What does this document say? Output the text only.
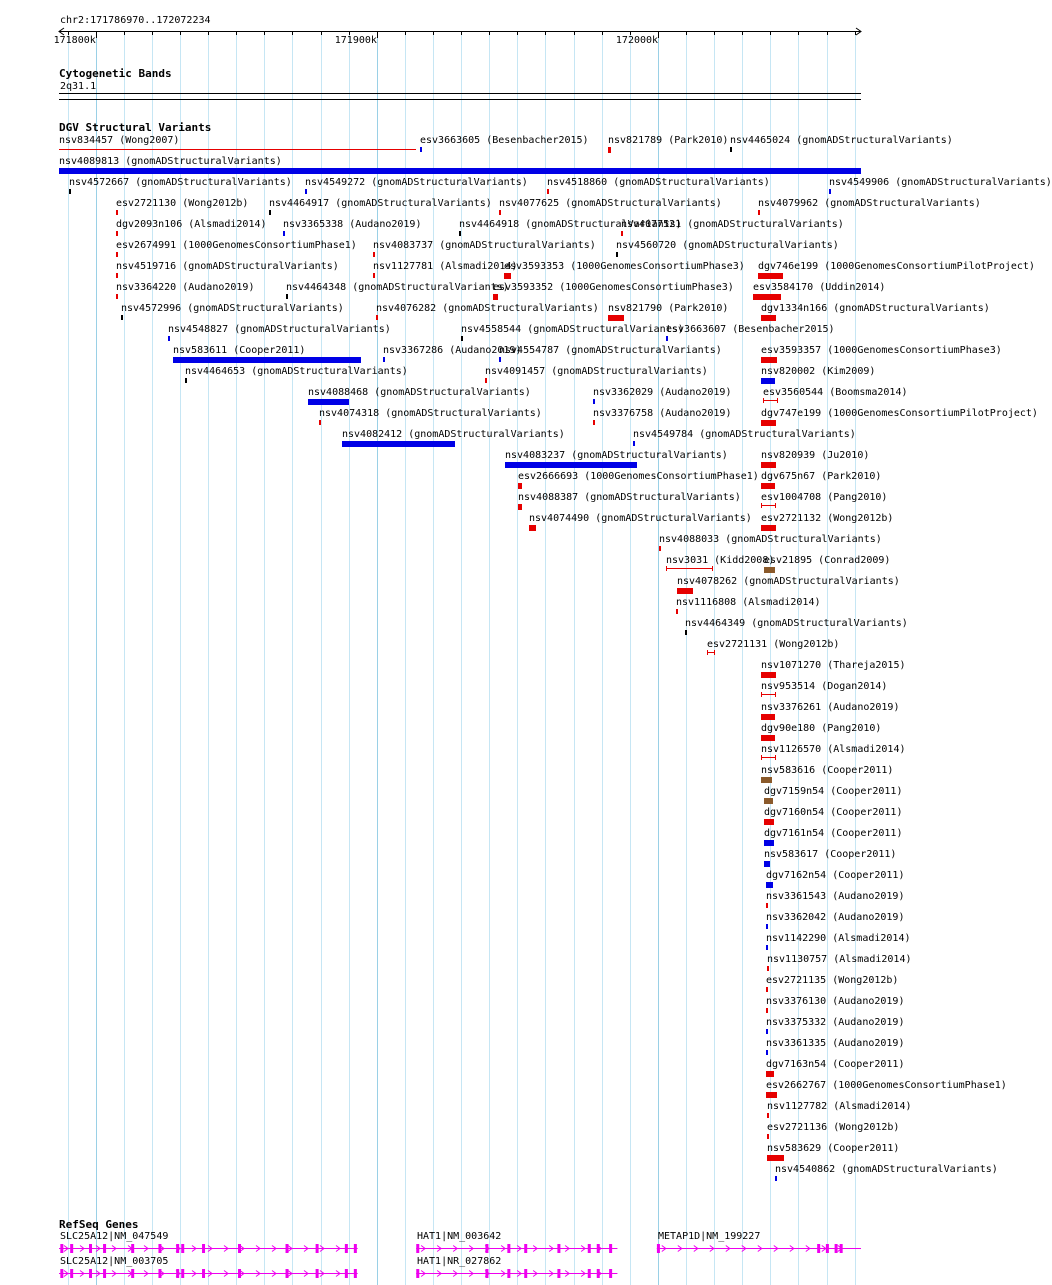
chr2:171786970..172072234
171800k	171900k	172000k
Cytogenetic Bands
2q31.1
DGV Structural Variants
nsv834457 (Wong2007)	esv3663605 (Besenbacher2015) nsv821789 (Park2010) nsv4465024 (gnomADStructuralVariants)
nsv4089813 (gnomADStructuralVariants)
nsv4572667 (gnomADStructuralVariants) nsv4549272 (gnomADStructuralVariants) nsv4518860 (gnomADStructuralVariants)	nsv4549906 (gnomADStructuralVariants)
esv2721130 (Wong2012b) nsv4464917 (gnomADStructuralVariants) nsv4077625 (gnomADStructuralVariants)	nsv4079962 (gnomADStructuralVariants)
dgv2093n106 (Alsmadi2014) nsv3365338 (Audano2019)	nsv4464918 (gnomADStructuralVariants)
nsv4077521 (gnomADStructuralVariants)
esv2674991 (1000GenomesConsortiumPhase1) nsv4083737 (gnomADStructuralVariants) nsv4560720 (gnomADStructuralVariants)
nsv4519716 (gnomADStructuralVariants)	nsv1127781 (Alsmadi2014)
esv3593353 (1000GenomesConsortiumPhase3) dgv746e199 (1000GenomesConsortiumPilotProject)
nsv3364220 (Audano2019)	nsv4464348 (gnomADStructuralVariants)
esv3593352 (1000GenomesConsortiumPhase3) esv3584170 (Uddin2014)
nsv4572996 (gnomADStructuralVariants)	nsv4076282 (gnomADStructuralVariants) nsv821790 (Park2010)	dgv1334n166 (gnomADStructuralVariants)
nsv4548827 (gnomADStructuralVariants)	nsv4558544 (gnomADStructuralVariants)
esv3663607 (Besenbacher2015)
nsv583611 (Cooper2011)	nsv3367286 (Audano2019)
nsv4554787 (gnomADStructuralVariants)	esv3593357 (1000GenomesConsortiumPhase3)
nsv4464653 (gnomADStructuralVariants)	nsv4091457 (gnomADStructuralVariants)	nsv820002 (Kim2009)
nsv4088468 (gnomADStructuralVariants)	nsv3362029 (Audano2019)	esv3560544 (Boomsma2014)
nsv4074318 (gnomADStructuralVariants)	nsv3376758 (Audano2019)	dgv747e199 (1000GenomesConsortiumPilotProject)
nsv4082412 (gnomADStructuralVariants)	nsv4549784 (gnomADStructuralVariants)
nsv4083237 (gnomADStructuralVariants)	nsv820939 (Ju2010)
esv2666693 (1000GenomesConsortiumPhase1) dgv675n67 (Park2010)
nsv4088387 (gnomADStructuralVariants) esv1004708 (Pang2010)
nsv4074490 (gnomADStructuralVariants) esv2721132 (Wong2012b)
nsv4088033 (gnomADStructuralVariants)
nsv3031 (Kidd2008)
esv21895 (Conrad2009)
nsv4078262 (gnomADStructuralVariants)
nsv1116808 (Alsmadi2014)
nsv4464349 (gnomADStructuralVariants)
esv2721131 (Wong2012b)
nsv1071270 (Thareja2015)
nsv953514 (Dogan2014)
nsv3376261 (Audano2019)
dgv90e180 (Pang2010)
nsv1126570 (Alsmadi2014)
nsv583616 (Cooper2011)
dgv7159n54 (Cooper2011)
dgv7160n54 (Cooper2011)
dgv7161n54 (Cooper2011)
nsv583617 (Cooper2011)
dgv7162n54 (Cooper2011)
nsv3361543 (Audano2019)
nsv3362042 (Audano2019)
nsv1142290 (Alsmadi2014)
nsv1130757 (Alsmadi2014)
esv2721135 (Wong2012b)
nsv3376130 (Audano2019)
nsv3375332 (Audano2019)
nsv3361335 (Audano2019)
dgv7163n54 (Cooper2011)
esv2662767 (1000GenomesConsortiumPhase1)
nsv1127782 (Alsmadi2014)
esv2721136 (Wong2012b)
nsv583629 (Cooper2011)
nsv4540862 (gnomADStructuralVariants)
RefSeq Genes
SLC25A12|NM_047549	HAT1|NM_003642	METAP1D|NM_199227
SLC25A12|NM_003705	HAT1|NR_027862
